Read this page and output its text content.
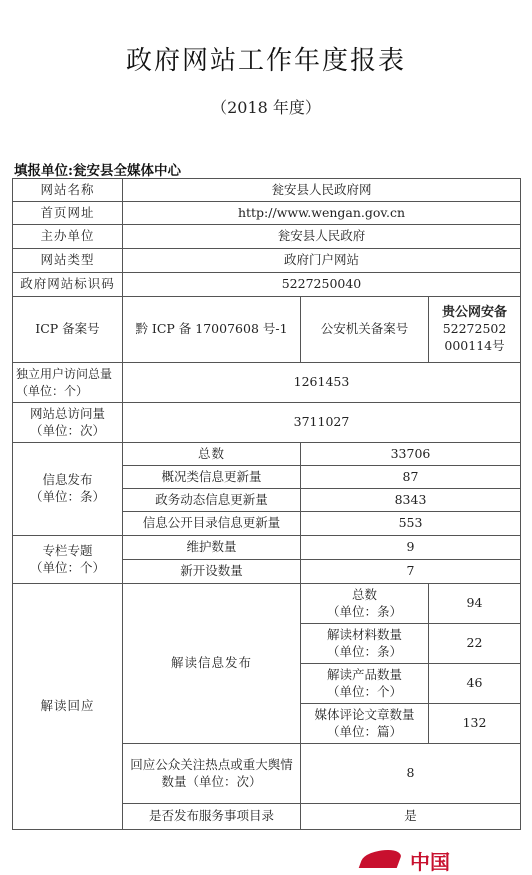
政府网站工作年度报表
（2018 年度）
填报单位:瓮安县全媒体中心
网站名称	瓮安县人民政府网		
首页网址	http://www.wengan.gov.cn		
主办单位	瓮安县人民政府		
网站类型	政府门户网站		
政府网站标识码	5227250040		
ICP 备案号	黔 ICP 备 17007608 号-1	公安机关备案号	贵公网安备
52272502
000114号

独立用户访问总量（单位：个）	1261453		

网站总访问量
（单位：次）	3711027		

信息发布
（单位：条）	总数	33706	
	概况类信息更新量	87	
	政务动态信息更新量	8343	
	信息公开目录信息更新量	553	

专栏专题
（单位：个）	维护数量	9	
	新开设数量	7	
解读回应	解读信息发布	总数
（单位：条）	94

		解读材料数量
（单位：条）	22

		解读产品数量
（单位：个）	46

		媒体评论文章数量
（单位：篇）	132
	回应公众关注热点或重大舆情数量（单位：次）	8	
	是否发布服务事项目录	是	
中国
